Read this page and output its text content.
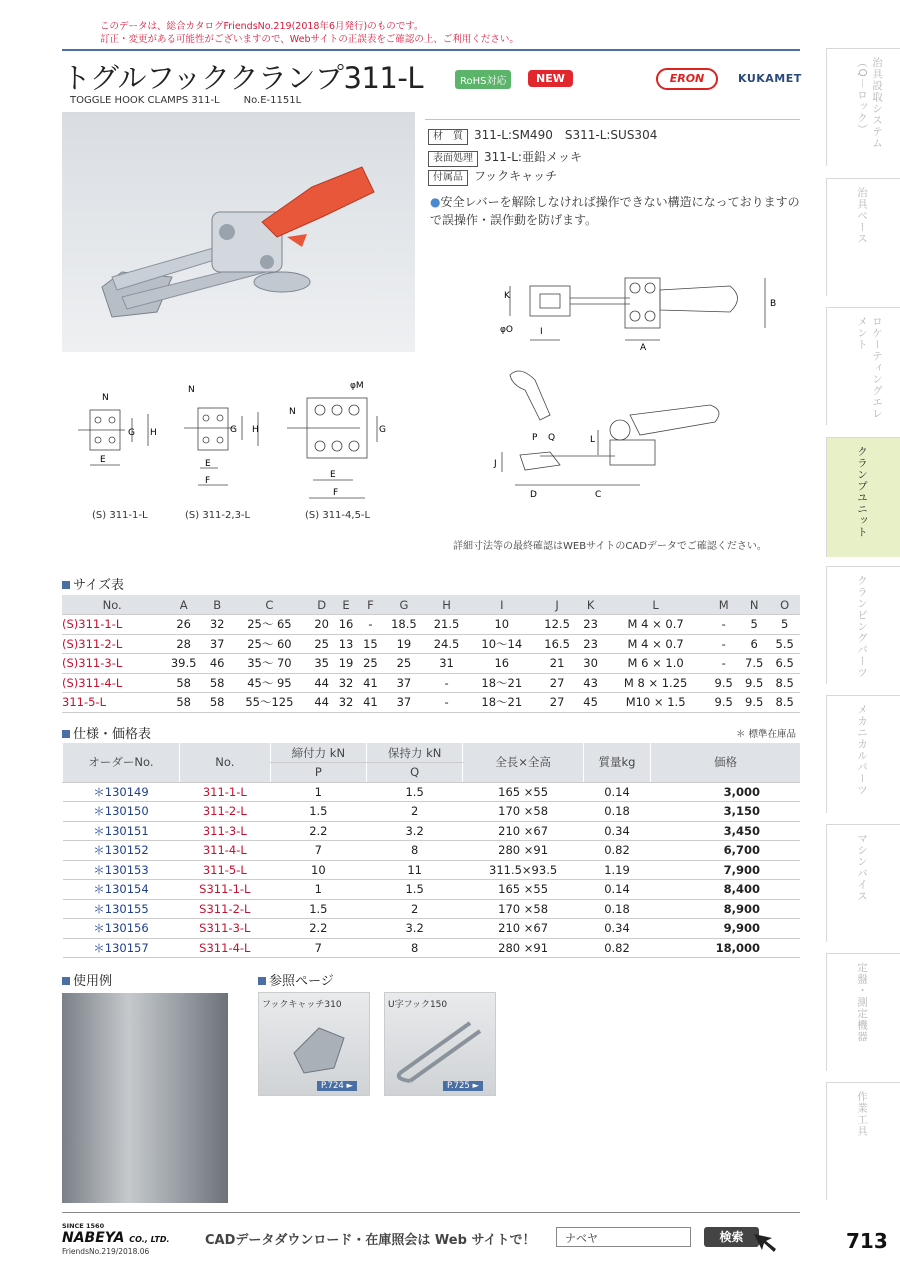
このデータは、総合カタログFriendsNo.219(2018年6月発行)のものです。
訂正・変更がある可能性がございますので、Webサイトの正誤表をご確認の上、ご利用ください。
トグルフッククランプ311-L	RoHS対応	NEW	ERON	KUKAMET
TOGGLE HOOK CLAMPS 311-L No.E-1151L
材　質 311-L:SM490　S311-L:SUS304
表面処理 311-L:亜鉛メッキ
付属品 フックキャッチ
●安全レバーを解除しなければ操作できない構造になっておりますので誤操作・誤作動を防げます。
K
φO	I
A
B
P Q	L
J
D	C
N
G H
E
N
G H
E
F
φM
N
G
E
F
(S) 311-1-L	(S) 311-2,3-L	(S) 311-4,5-L
詳細寸法等の最終確認はWEBサイトのCADデータでご確認ください。
サイズ表
No.	A	B	C	D	E	F	G	H	I	J	K	L	M	N	O
(S)311-1-L	26	32	25～ 65	20	16	-	18.5	21.5	10	12.5	23	M 4 × 0.7	-	5	5
(S)311-2-L	28	37	25～ 60	25	13	15	19	24.5	10～14	16.5	23	M 4 × 0.7	-	6	5.5
(S)311-3-L	39.5	46	35～ 70	35	19	25	25	31	16	21	30	M 6 × 1.0	-	7.5	6.5
(S)311-4-L	58	58	45～ 95	44	32	41	37	-	18～21	27	43	M 8 × 1.25	9.5	9.5	8.5
311-5-L	58	58	55～125	44	32	41	37	-	18～21	27	45	M10 × 1.5	9.5	9.5	8.5
仕様・価格表	＊ 標準在庫品
オーダーNo.	No.	締付力 kN	保持力 kN	全長×全高	質量kg	価格
		P	Q			
＊130149	311-1-L	1	1.5	165 ×55	0.14	3,000
＊130150	311-2-L	1.5	2	170 ×58	0.18	3,150
＊130151	311-3-L	2.2	3.2	210 ×67	0.34	3,450
＊130152	311-4-L	7	8	280 ×91	0.82	6,700
＊130153	311-5-L	10	11	311.5×93.5	1.19	7,900
＊130154	S311-1-L	1	1.5	165 ×55	0.14	8,400
＊130155	S311-2-L	1.5	2	170 ×58	0.18	8,900
＊130156	S311-3-L	2.2	3.2	210 ×67	0.34	9,900
＊130157	S311-4-L	7	8	280 ×91	0.82	18,000
使用例	参照ページ
フックキャッチ310
P.724 ►
U字フック150
P.725 ►
治具設取システム（Q－ロック）
治具ベース
ロケーティングエレメント
クランプユニット
クランピングパーツ
メカニカルパーツ
マシンバイス
定盤・測定機器
作業工具
SINCE 1560
NABEYA CO., LTD.
FriendsNo.219/2018.06
CADデータダウンロード・在庫照会は Web サイトで！	ナベヤ	検索	713
